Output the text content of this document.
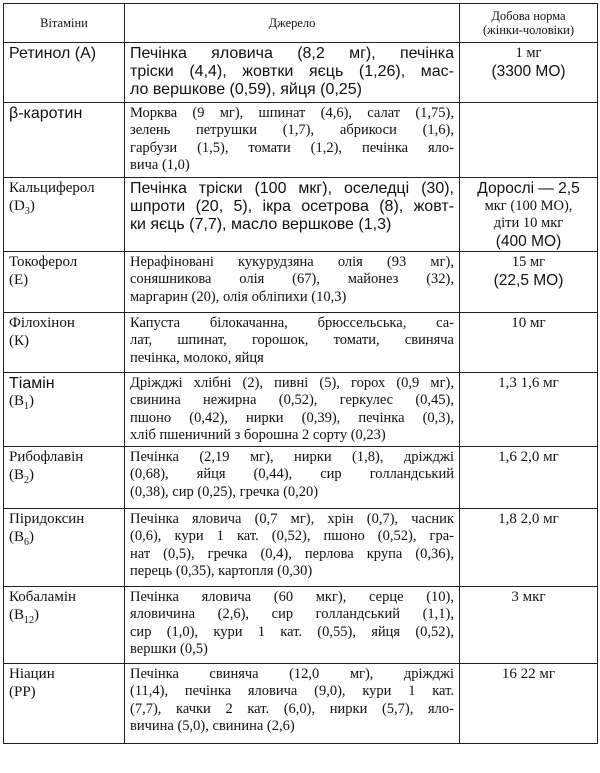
Вітаміни	Джерело	Добова норма
(жінки-чоловіки)

Ретинол (А)	Печінка яловича (8,2 мг), печінка
тріски (4,4), жовтки яєць (1,26), мас-
ло вершкове (0,59), яйця (0,25)	1 мг
(3300 МО)

β-каротин	Морква (9 мг), шпинат (4,6), салат (1,75),
зелень петрушки (1,7), абрикоси (1,6),
гарбузи (1,5), томати (1,2), печінка яло-
вича (1,0)	

Кальциферол
$(D_3)$	Печінка тріски (100 мкг), оселедці (30),
шпроти (20, 5), ікра осетрова (8), жовт-
ки яєць (7,7), масло вершкове (1,3)	Дорослі — 2,5
мкг (100 МО),
діти 10 мкг
(400 МО)

Токоферол
(Е)	Нерафіновані кукурудзяна олія (93 мг),
соняшникова олія (67), майонез (32),
маргарин (20), олія обліпихи (10,3)	15 мг
(22,5 МО)

Філохінон
(К)	Капуста білокачанна, брюссельська, са-
лат, шпинат, горошок, томати, свиняча
печінка, молоко, яйця	10 мг

Тіамін
$(В_1)$	Дріжджі хлібні (2), пивні (5), горох (0,9 мг),
свинина нежирна (0,52), геркулес (0,45),
пшоно (0,42), нирки (0,39), печінка (0,3),
хліб пшеничний з борошна 2 сорту (0,23)	1,3 1,6 мг

Рибофлавін
$(В_2)$	Печінка (2,19 мг), нирки (1,8), дріжджі
(0,68), яйця (0,44), сир голландський
(0,38), сир (0,25), гречка (0,20)	1,6 2,0 мг

Піридоксин
$(В_6)$	Печінка яловича (0,7 мг), хрін (0,7), часник
(0,6), кури 1 кат. (0,52), пшоно (0,52), гра-
нат (0,5), гречка (0,4), перлова крупа (0,36),
перець (0,35), картопля (0,30)	1,8 2,0 мг

Кобаламін
$(В_{12})$	Печінка яловича (60 мкг), серце (10),
яловичина (2,6), сир голландський (1,1),
сир (1,0), кури 1 кат. (0,55), яйця (0,52),
вершки (0,5)	3 мкг

Ніацин
(РР)	Печінка свиняча (12,0 мг), дріжджі
(11,4), печінка яловича (9,0), кури 1 кат.
(7,7), качки 2 кат. (6,0), нирки (5,7), яло-
вичина (5,0), свинина (2,6)	16 22 мг
